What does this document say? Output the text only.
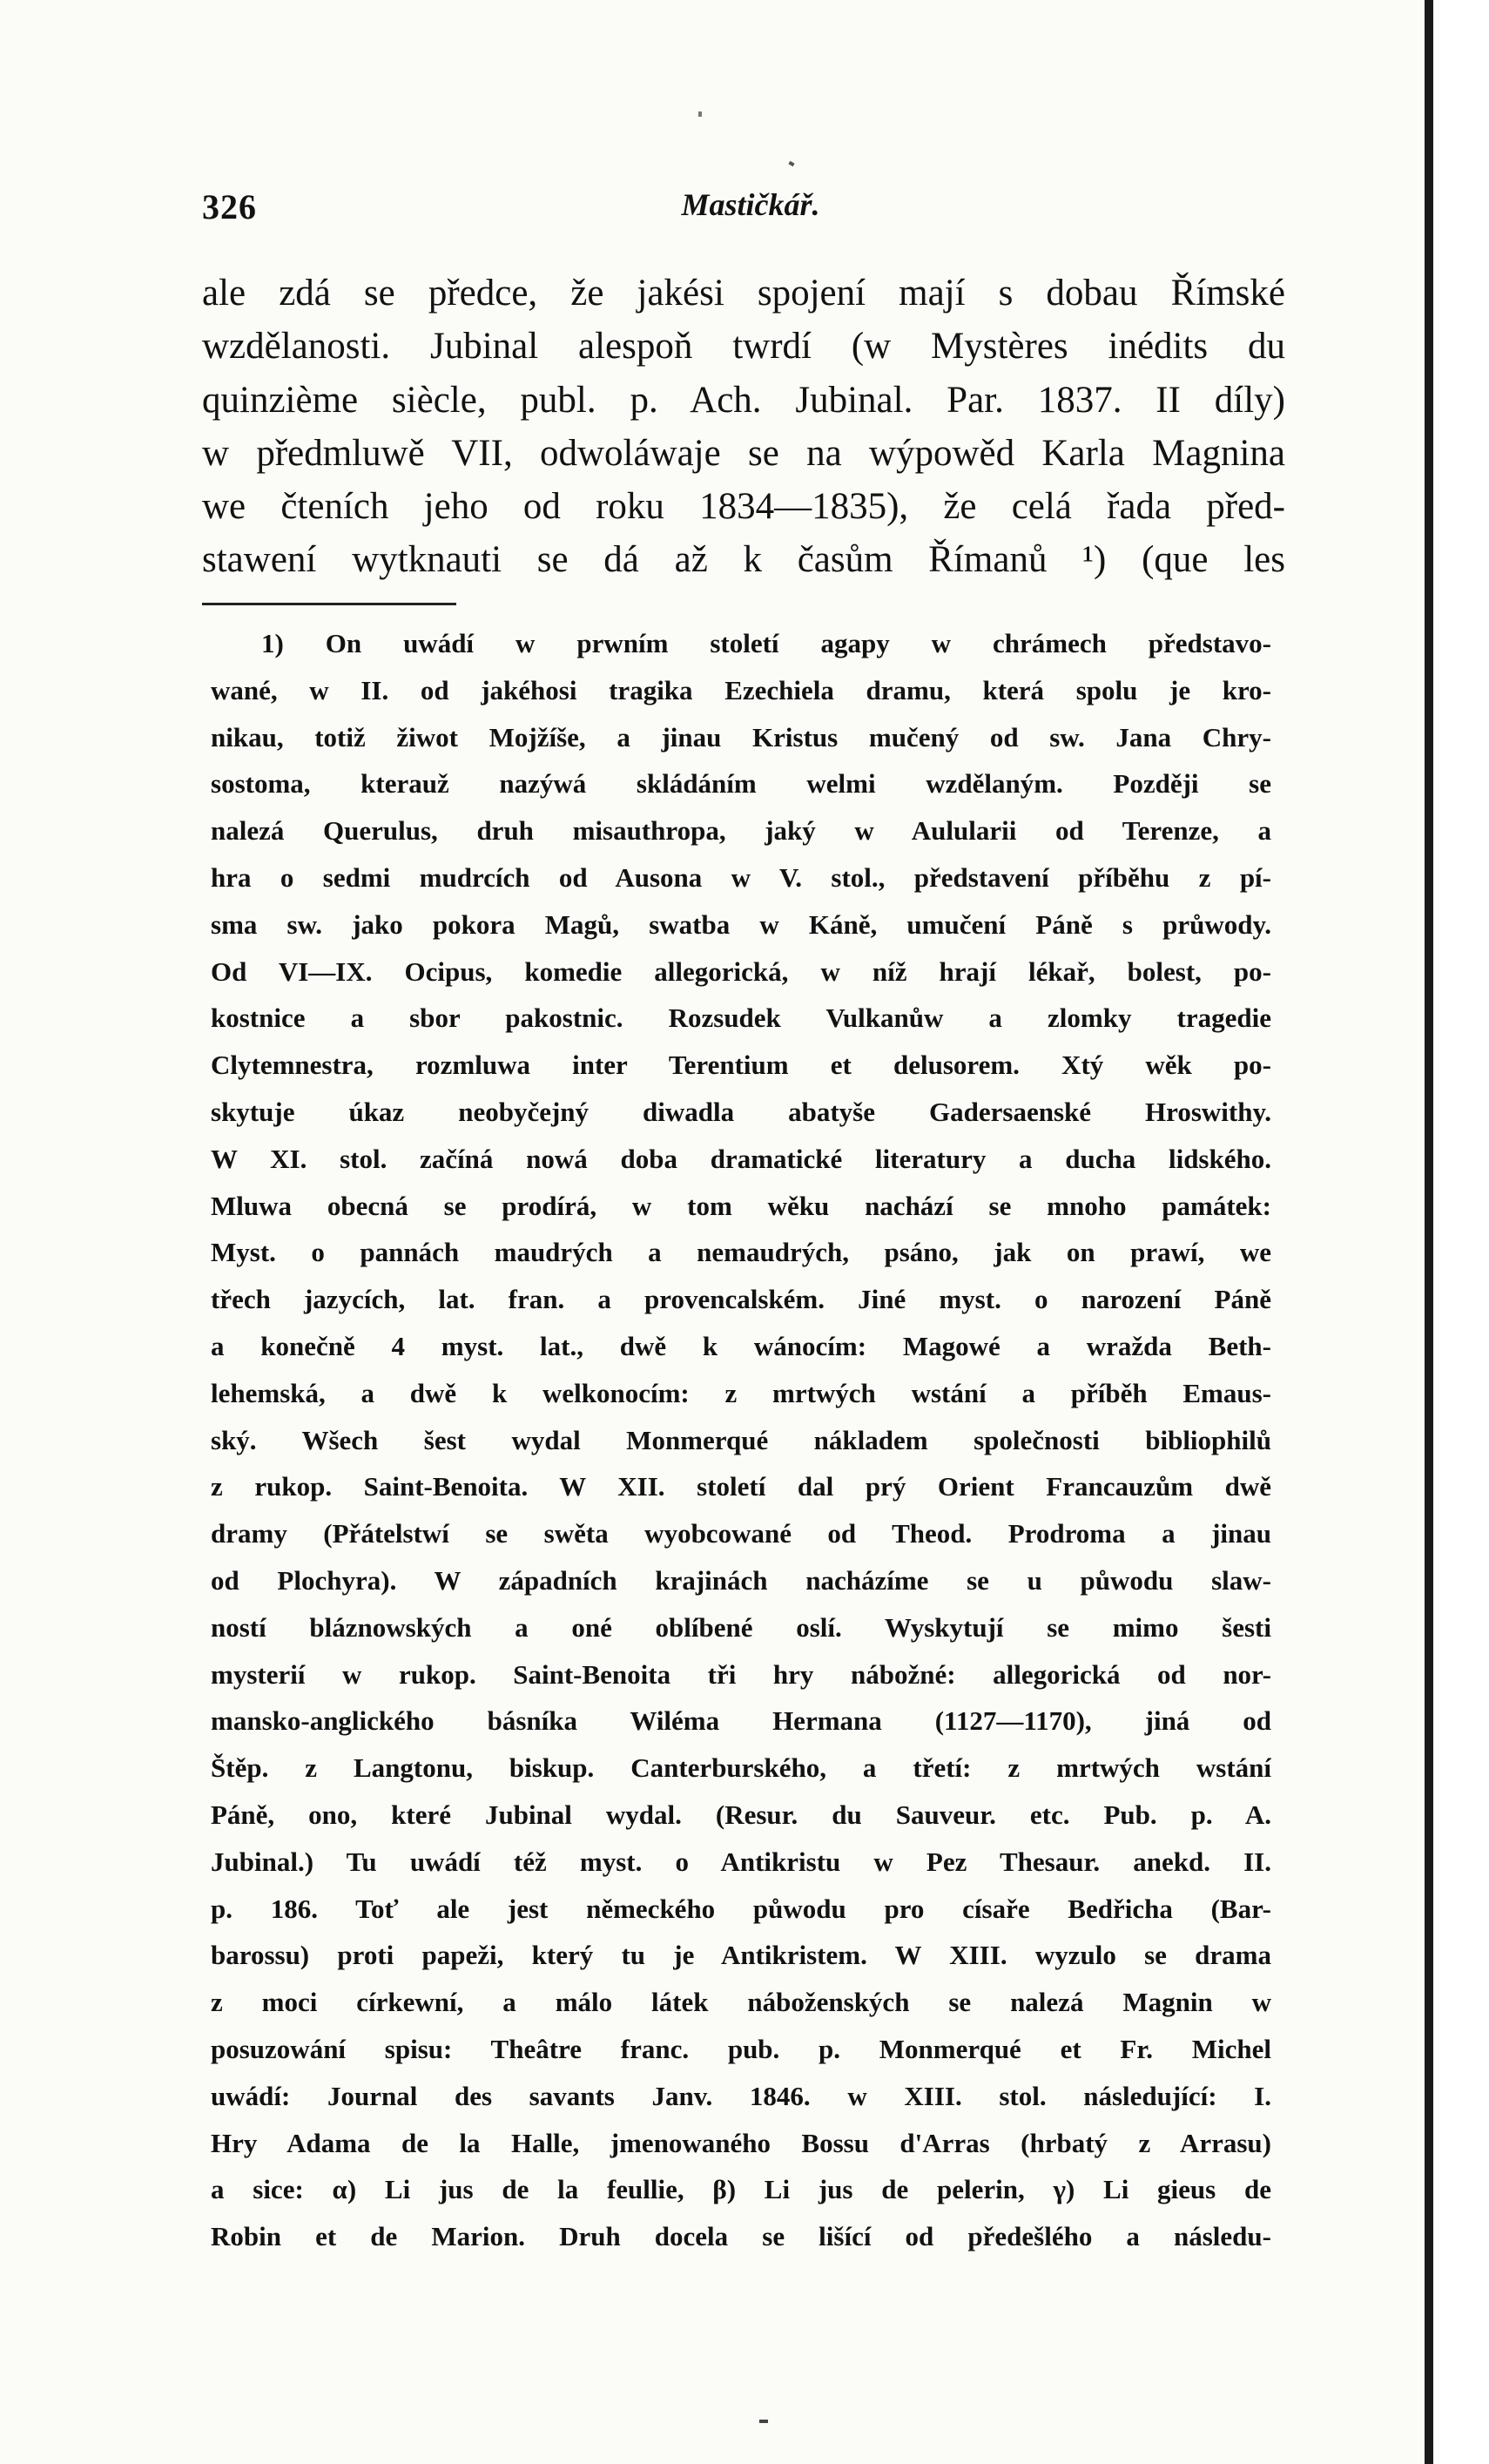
326	Mastičkář.
ale zdá se předce, že jakési spojení mají s dobau Římské
wzdělanosti. Jubinal alespoň twrdí (w Mystères inédits du
quinzième siècle, publ. p. Ach. Jubinal. Par. 1837. II díly)
w předmluwě VII, odwoláwaje se na wýpowěd Karla Magnina
we čteních jeho od roku 1834—1835), že celá řada před-
stawení wytknauti se dá až k časům Římanů ¹) (que les
1) On uwádí w prwním století agapy w chrámech představo-
wané, w II. od jakéhosi tragika Ezechiela dramu, která spolu je kro-
nikau, totiž žiwot Mojžíše, a jinau Kristus mučený od sw. Jana Chry-
sostoma, kterauž nazýwá skládáním welmi wzdělaným. Později se
nalezá Querulus, druh misauthropa, jaký w Aulularii od Terenze, a
hra o sedmi mudrcích od Ausona w V. stol., představení příběhu z pí-
sma sw. jako pokora Magů, swatba w Káně, umučení Páně s průwody.
Od VI—IX. Ocipus, komedie allegorická, w níž hrají lékař, bolest, po-
kostnice a sbor pakostnic. Rozsudek Vulkanůw a zlomky tragedie
Clytemnestra, rozmluwa inter Terentium et delusorem. Xtý wěk po-
skytuje úkaz neobyčejný diwadla abatyše Gadersaenské Hroswithy.
W XI. stol. začíná nowá doba dramatické literatury a ducha lidského.
Mluwa obecná se prodírá, w tom wěku nachází se mnoho památek:
Myst. o pannách maudrých a nemaudrých, psáno, jak on prawí, we
třech jazycích, lat. fran. a provencalském. Jiné myst. o narození Páně
a konečně 4 myst. lat., dwě k wánocím: Magowé a wražda Beth-
lehemská, a dwě k welkonocím: z mrtwých wstání a příběh Emaus-
ský. Wšech šest wydal Monmerqué nákladem společnosti bibliophilů
z rukop. Saint-Benoita. W XII. století dal prý Orient Francauzům dwě
dramy (Přátelstwí se swěta wyobcowané od Theod. Prodroma a jinau
od Plochyra). W západních krajinách nacházíme se u půwodu slaw-
ností bláznowských a oné oblíbené oslí. Wyskytují se mimo šesti
mysterií w rukop. Saint-Benoita tři hry nábožné: allegorická od nor-
mansko-anglického básníka Wiléma Hermana (1127—1170), jiná od
Štěp. z Langtonu, biskup. Canterburského, a třetí: z mrtwých wstání
Páně, ono, které Jubinal wydal. (Resur. du Sauveur. etc. Pub. p. A.
Jubinal.) Tu uwádí též myst. o Antikristu w Pez Thesaur. anekd. II.
p. 186. Toť ale jest německého půwodu pro císaře Bedřicha (Bar-
barossu) proti papeži, který tu je Antikristem. W XIII. wyzulo se drama
z moci církewní, a málo látek náboženských se nalezá Magnin w
posuzowání spisu: Theâtre franc. pub. p. Monmerqué et Fr. Michel
uwádí: Journal des savants Janv. 1846. w XIII. stol. následující: I.
Hry Adama de la Halle, jmenowaného Bossu d'Arras (hrbatý z Arrasu)
a sice: α) Li jus de la feullie, β) Li jus de pelerin, γ) Li gieus de
Robin et de Marion. Druh docela se lišící od předešlého a následu-
